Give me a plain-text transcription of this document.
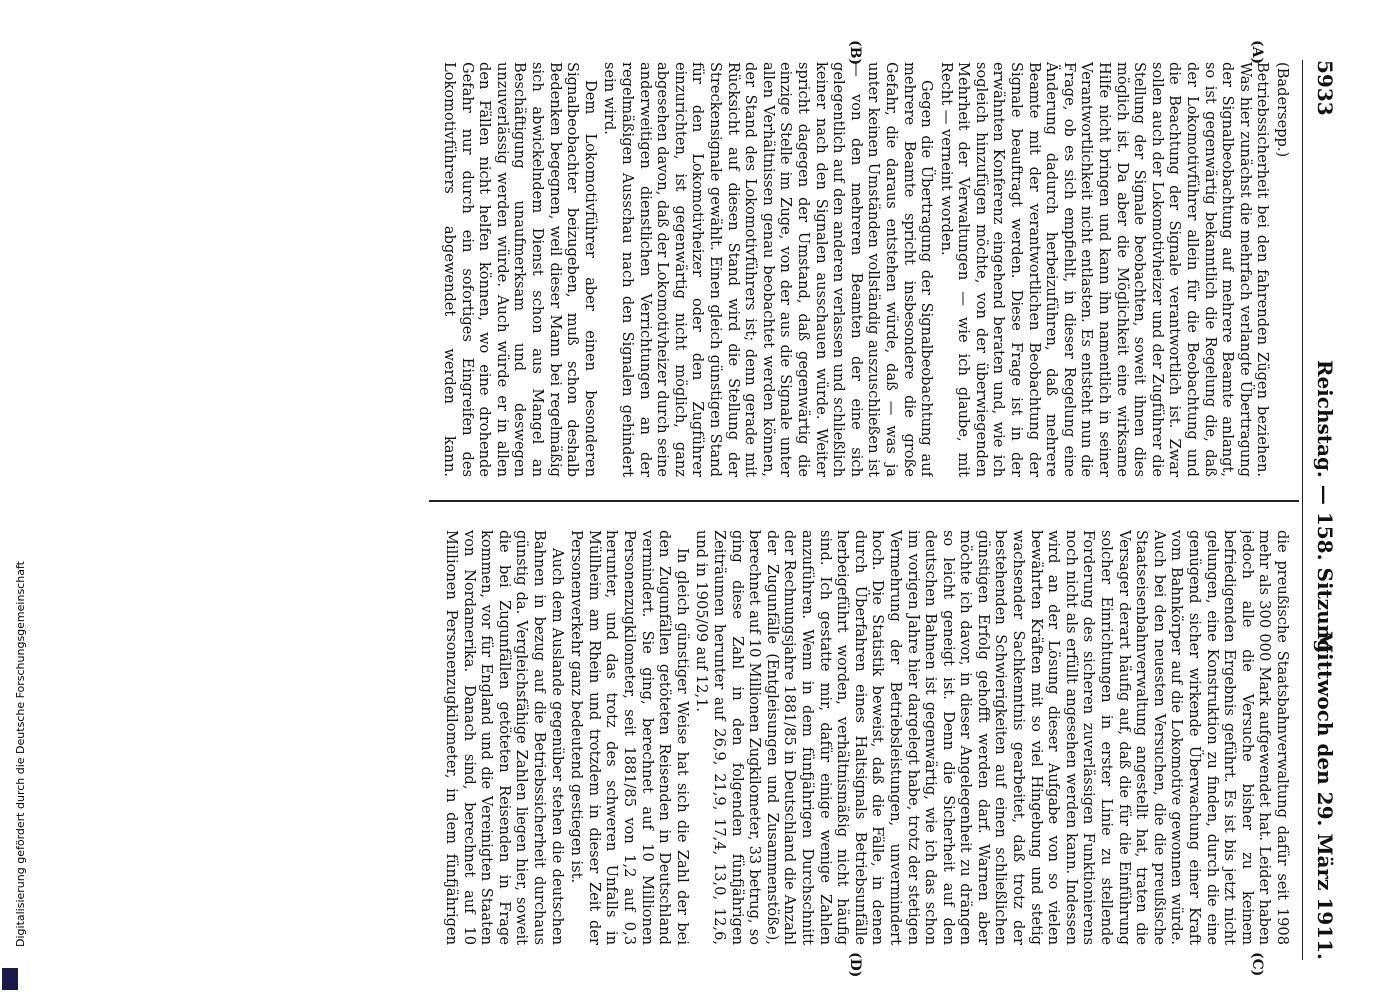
5933
Reichstag. — 158. Sitzung.
Mittwoch den 29. März 1911.
(A)
(B)
(C)
(D)

(Badersepp.)

Betriebssicherheit bei den fahrenden Zügen beziehen. Was hier zunächst die mehrfach verlangte Übertragung der Signalbeobachtung auf mehrere Beamte anlangt, so ist gegenwärtig bekanntlich die Regelung die, daß der Lokomotivführer allein für die Beobachtung und die Beachtung der Signale verantwortlich ist. Zwar sollen auch der Lokomotivheizer und der Zugführer die Stellung der Signale beobachten, soweit ihnen dies möglich ist. Da aber die Möglichkeit eine wirksame Hilfe nicht bringen und kann ihn namentlich in seiner Verantwortlichkeit nicht entlasten. Es entsteht nun die Frage, ob es sich empfiehlt, in dieser Regelung eine Änderung dadurch herbeizuführen, daß mehrere Beamte mit der verantwortlichen Beobachtung der Signale beauftragt werden. Diese Frage ist in der erwähnten Konferenz eingehend beraten und, wie ich sogleich hinzufügen möchte, von der überwiegenden Mehrheit der Verwaltungen — wie ich glaube, mit Recht — verneint worden.

Gegen die Übertragung der Signalbeobachtung auf mehrere Beamte spricht insbesondere die große Gefahr, die daraus entstehen würde, daß — was ja unter keinen Umständen vollständig auszuschließen ist — von den mehreren Beamten der eine sich gelegentlich auf den anderen verlassen und schließlich keiner nach den Signalen ausschauen würde. Weiter spricht dagegen der Umstand, daß gegenwärtig die einzige Stelle im Zuge, von der aus die Signale unter allen Verhältnissen genau beobachtet werden können, der Stand des Lokomotivführers ist; denn gerade mit Rücksicht auf diesen Stand wird die Stellung der Streckensignale gewählt. Einen gleich günstigen Stand für den Lokomotivheizer oder den Zugführer einzurichten, ist gegenwärtig nicht möglich, ganz abgesehen davon, daß der Lokomotivheizer durch seine anderweitigen dienstlichen Verrichtungen an der regelmäßigen Ausschau nach den Signalen gehindert sein wird.

Dem Lokomotivführer aber einen besonderen Signalbeobachter beizugeben, muß schon deshalb Bedenken begegnen, weil dieser Mann bei regelmäßig sich abwickelndem Dienst schon aus Mangel an Beschäftigung unaufmerksam und deswegen unzuverlässig werden würde. Auch würde er in allen den Fällen nicht helfen können, wo eine drohende Gefahr nur durch ein sofortiges Eingreifen des Lokomotivführers abgewendet werden kann.

die preußische Staatsbahnverwaltung dafür seit 1908 mehr als 300 000 Mark aufgewendet hat. Leider haben jedoch alle die Versuche bisher zu keinem befriedigenden Ergebnis geführt. Es ist bis jetzt nicht gelungen, eine Konstruktion zu finden, durch die eine genügend sicher wirkende Überwachung einer Kraft vom Bahnkörper auf die Lokomotive gewonnen würde. Auch bei den neuesten Versuchen, die die preußische Staatseisenbahnverwaltung angestellt hat, traten die Versager derart häufig auf, daß die für die Einführung solcher Einrichtungen in erster Linie zu stellende Forderung des sicheren zuverlässigen Funktionierens noch nicht als erfüllt angesehen werden kann. Indessen wird an der Lösung dieser Aufgabe von so vielen bewährten Kräften mit so viel Hingebung und stetig wachsender Sachkenntnis gearbeitet, daß trotz der bestehenden Schwierigkeiten auf einen schließlichen günstigen Erfolg gehofft werden darf. Warnen aber möchte ich davor, in dieser Angelegenheit zu drängen so leicht geneigt ist. Denn die Sicherheit auf den deutschen Bahnen ist gegenwärtig, wie ich das schon im vorigen Jahre hier dargelegt habe, trotz der stetigen Vermehrung der Betriebsleistungen, unvermindert hoch. Die Statistik beweist, daß die Fälle, in denen durch Überfahren eines Haltsignals Betriebsunfälle herbeigeführt worden, verhältnismäßig nicht häufig sind. Ich gestatte mir, dafür einige wenige Zahlen anzuführen. Wenn in dem fünfjährigen Durchschnitt der Rechnungsjahre 1881/85 in Deutschland die Anzahl der Zugunfälle (Entgleisungen und Zusammenstöße), berechnet auf 10 Millionen Zugkilometer, 33 betrug, so ging diese Zahl in den folgenden fünfjährigen Zeiträumen herunter auf 26,9, 21,9, 17,4, 13,0, 12,6, und in 1905/09 auf 12,1.

In gleich günstiger Weise hat sich die Zahl der bei den Zugunfällen getöteten Reisenden in Deutschland vermindert. Sie ging, berechnet auf 10 Millionen Personenzugkilometer, seit 1881/85 von 1,2 auf 0,3 herunter, und das trotz des schweren Unfalls in Müllheim am Rhein und trotzdem in dieser Zeit der Personenverkehr ganz bedeutend gestiegen ist.

Auch dem Auslande gegenüber stehen die deutschen Bahnen in bezug auf die Betriebssicherheit durchaus günstig da. Vergleichsfähige Zahlen liegen hier, soweit die bei Zugunfällen getöteten Reisenden in Frage kommen, vor für England und die Vereinigten Staaten von Nordamerika. Danach sind, berechnet auf 10 Millionen Personenzugkilometer, in dem fünfjährigen

Digitalisierung gefördert durch die Deutsche Forschungsgemeinschaft
